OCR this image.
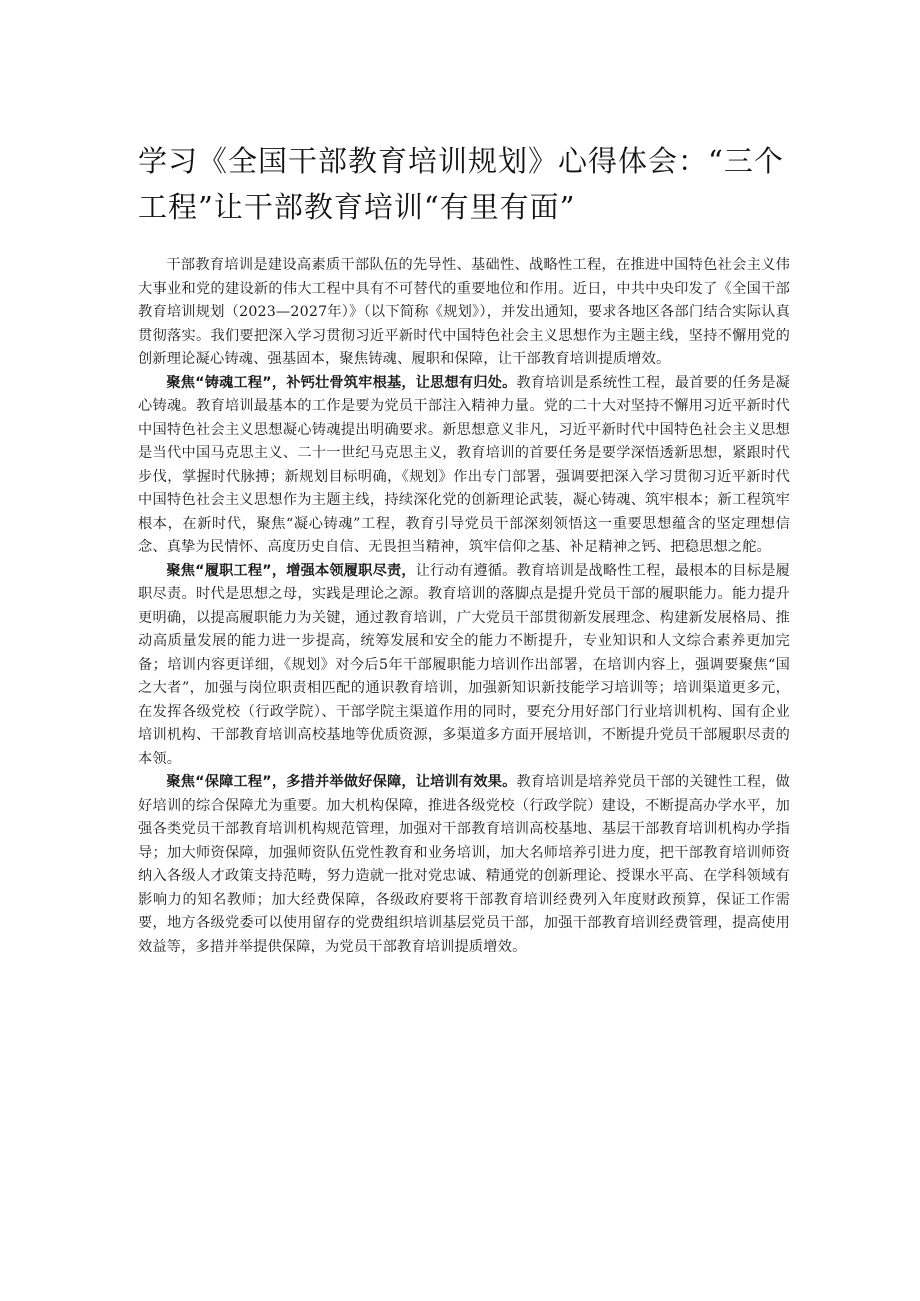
学习《全国干部教育培训规划》心得体会：“三个工程”让干部教育培训“有里有面”

干部教育培训是建设高素质干部队伍的先导性、基础性、战略性工程，在推进中国特色社会主义伟大事业和党的建设新的伟大工程中具有不可替代的重要地位和作用。近日，中共中央印发了《全国干部教育培训规划（2023—2027年）》（以下简称《规划》），并发出通知，要求各地区各部门结合实际认真贯彻落实。我们要把深入学习贯彻习近平新时代中国特色社会主义思想作为主题主线，坚持不懈用党的创新理论凝心铸魂、强基固本，聚焦铸魂、履职和保障，让干部教育培训提质增效。

聚焦“铸魂工程”，补钙壮骨筑牢根基，让思想有归处。教育培训是系统性工程，最首要的任务是凝心铸魂。教育培训最基本的工作是要为党员干部注入精神力量。党的二十大对坚持不懈用习近平新时代中国特色社会主义思想凝心铸魂提出明确要求。新思想意义非凡，习近平新时代中国特色社会主义思想是当代中国马克思主义、二十一世纪马克思主义，教育培训的首要任务是要学深悟透新思想，紧跟时代步伐，掌握时代脉搏；新规划目标明确，《规划》作出专门部署，强调要把深入学习贯彻习近平新时代中国特色社会主义思想作为主题主线，持续深化党的创新理论武装，凝心铸魂、筑牢根本；新工程筑牢根本，在新时代，聚焦“凝心铸魂”工程，教育引导党员干部深刻领悟这一重要思想蕴含的坚定理想信念、真挚为民情怀、高度历史自信、无畏担当精神，筑牢信仰之基、补足精神之钙、把稳思想之舵。

聚焦“履职工程”，增强本领履职尽责，让行动有遵循。教育培训是战略性工程，最根本的目标是履职尽责。时代是思想之母，实践是理论之源。教育培训的落脚点是提升党员干部的履职能力。能力提升更明确，以提高履职能力为关键，通过教育培训，广大党员干部贯彻新发展理念、构建新发展格局、推动高质量发展的能力进一步提高，统筹发展和安全的能力不断提升，专业知识和人文综合素养更加完备；培训内容更详细，《规划》对今后5年干部履职能力培训作出部署，在培训内容上，强调要聚焦“国之大者”，加强与岗位职责相匹配的通识教育培训，加强新知识新技能学习培训等；培训渠道更多元，在发挥各级党校（行政学院）、干部学院主渠道作用的同时，要充分用好部门行业培训机构、国有企业培训机构、干部教育培训高校基地等优质资源，多渠道多方面开展培训，不断提升党员干部履职尽责的本领。

聚焦“保障工程”，多措并举做好保障，让培训有效果。教育培训是培养党员干部的关键性工程，做好培训的综合保障尤为重要。加大机构保障，推进各级党校（行政学院）建设，不断提高办学水平，加强各类党员干部教育培训机构规范管理，加强对干部教育培训高校基地、基层干部教育培训机构办学指导；加大师资保障，加强师资队伍党性教育和业务培训，加大名师培养引进力度，把干部教育培训师资纳入各级人才政策支持范畴，努力造就一批对党忠诚、精通党的创新理论、授课水平高、在学科领域有影响力的知名教师；加大经费保障，各级政府要将干部教育培训经费列入年度财政预算，保证工作需要，地方各级党委可以使用留存的党费组织培训基层党员干部，加强干部教育培训经费管理，提高使用效益等，多措并举提供保障，为党员干部教育培训提质增效。
